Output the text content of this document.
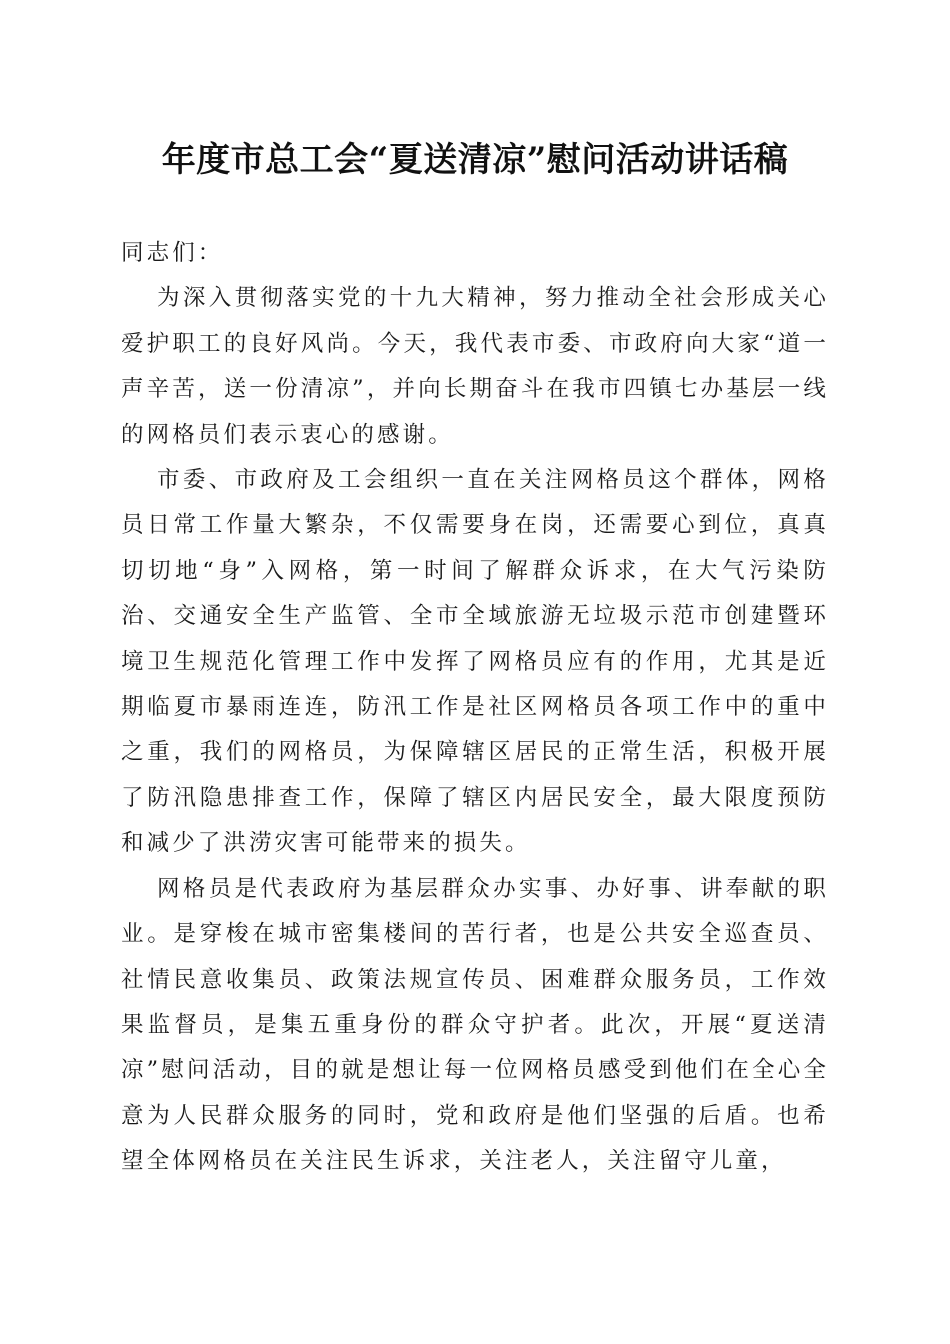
年度市总工会“夏送清凉”慰问活动讲话稿

同志们：

为深入贯彻落实党的十九大精神，努力推动全社会形成关心爱护职工的良好风尚。今天，我代表市委、市政府向大家“道一声辛苦，送一份清凉”，并向长期奋斗在我市四镇七办基层一线的网格员们表示衷心的感谢。

市委、市政府及工会组织一直在关注网格员这个群体，网格员日常工作量大繁杂，不仅需要身在岗，还需要心到位，真真切切地“身”入网格，第一时间了解群众诉求，在大气污染防治、交通安全生产监管、全市全域旅游无垃圾示范市创建暨环境卫生规范化管理工作中发挥了网格员应有的作用，尤其是近期临夏市暴雨连连，防汛工作是社区网格员各项工作中的重中之重，我们的网格员，为保障辖区居民的正常生活，积极开展了防汛隐患排查工作，保障了辖区内居民安全，最大限度预防和减少了洪涝灾害可能带来的损失。

网格员是代表政府为基层群众办实事、办好事、讲奉献的职业。是穿梭在城市密集楼间的苦行者，也是公共安全巡查员、社情民意收集员、政策法规宣传员、困难群众服务员，工作效果监督员，是集五重身份的群众守护者。此次，开展“夏送清凉”慰问活动，目的就是想让每一位网格员感受到他们在全心全意为人民群众服务的同时，党和政府是他们坚强的后盾。也希望全体网格员在关注民生诉求，关注老人，关注留守儿童，
